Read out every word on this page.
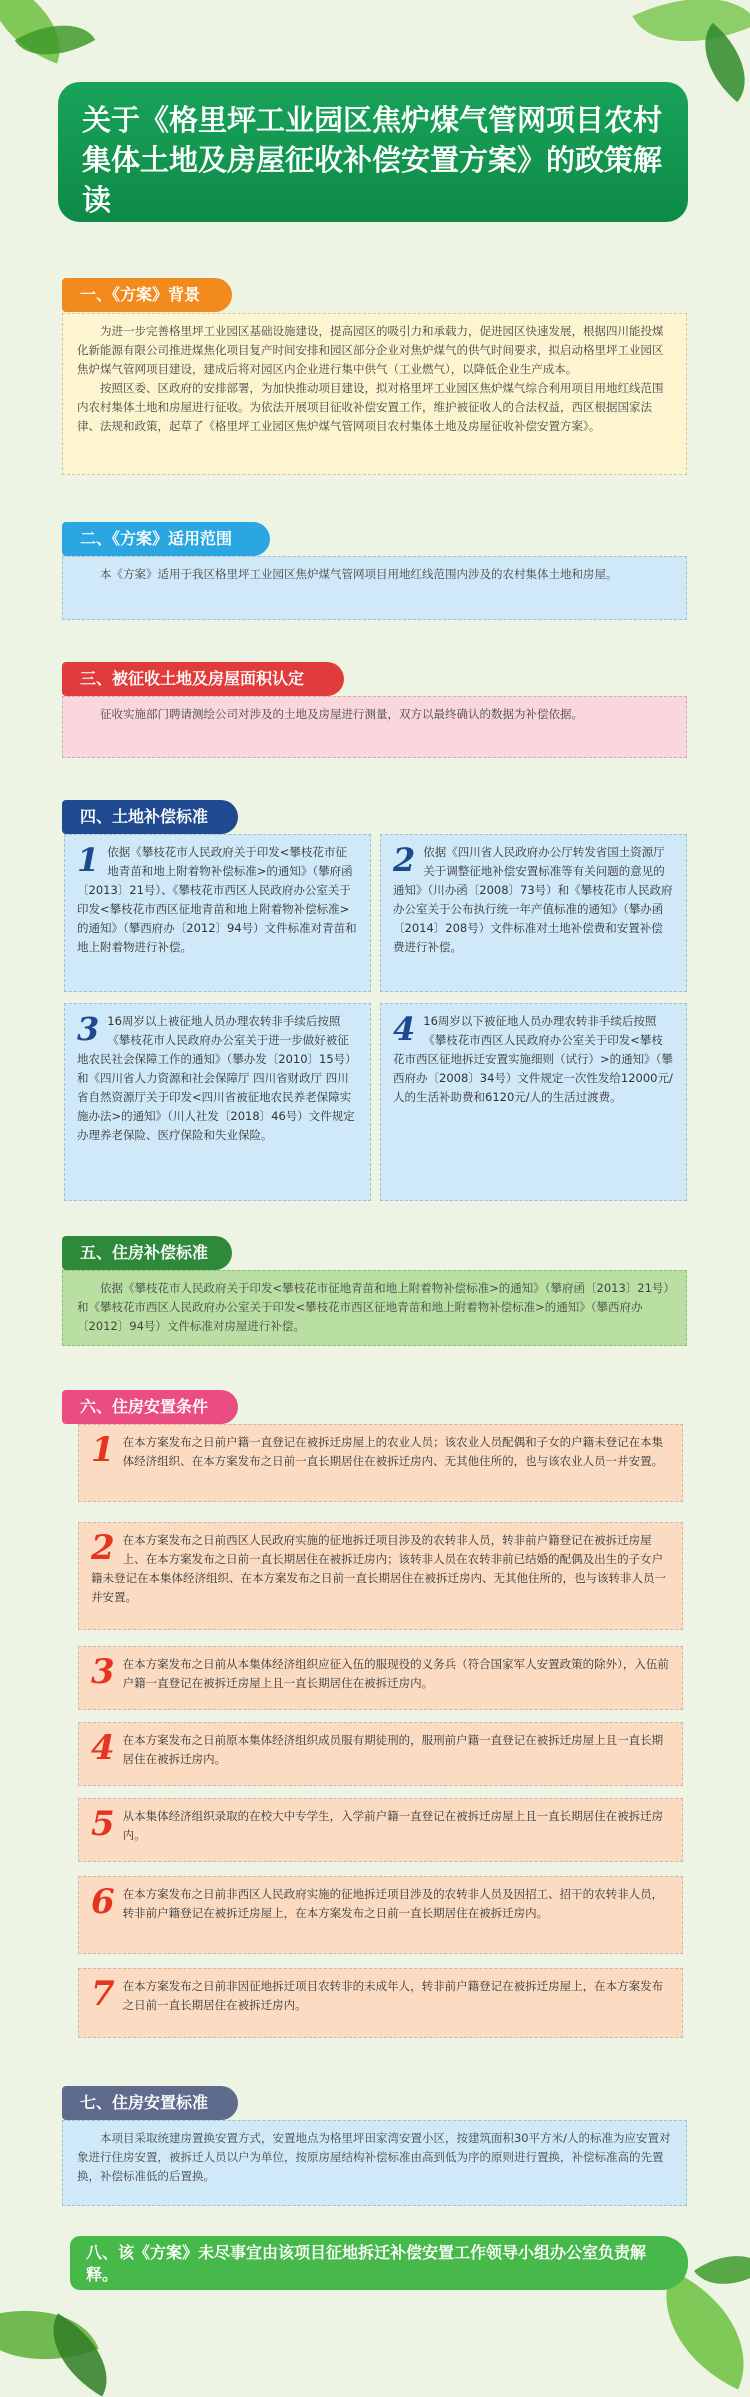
关于《格里坪工业园区焦炉煤气管网项目农村集体土地及房屋征收补偿安置方案》的政策解读
一、《方案》背景

为进一步完善格里坪工业园区基础设施建设，提高园区的吸引力和承载力，促进园区快速发展，根据四川能投煤化新能源有限公司推进煤焦化项目复产时间安排和园区部分企业对焦炉煤气的供气时间要求，拟启动格里坪工业园区焦炉煤气管网项目建设，建成后将对园区内企业进行集中供气（工业燃气），以降低企业生产成本。

按照区委、区政府的安排部署，为加快推动项目建设，拟对格里坪工业园区焦炉煤气综合利用项目用地红线范围内农村集体土地和房屋进行征收。为依法开展项目征收补偿安置工作，维护被征收人的合法权益，西区根据国家法律、法规和政策，起草了《格里坪工业园区焦炉煤气管网项目农村集体土地及房屋征收补偿安置方案》。

二、《方案》适用范围

本《方案》适用于我区格里坪工业园区焦炉煤气管网项目用地红线范围内涉及的农村集体土地和房屋。

三、被征收土地及房屋面积认定

征收实施部门聘请测绘公司对涉及的土地及房屋进行测量，双方以最终确认的数据为补偿依据。

四、土地补偿标准
1 依据《攀枝花市人民政府关于印发<攀枝花市征地青苗和地上附着物补偿标准>的通知》（攀府函〔2013〕21号）、《攀枝花市西区人民政府办公室关于印发<攀枝花市西区征地青苗和地上附着物补偿标准>的通知》（攀西府办〔2012〕94号）文件标准对青苗和地上附着物进行补偿。
2 依据《四川省人民政府办公厅转发省国土资源厅关于调整征地补偿安置标准等有关问题的意见的通知》（川办函〔2008〕73号）和《攀枝花市人民政府办公室关于公布执行统一年产值标准的通知》（攀办函〔2014〕208号）文件标准对土地补偿费和安置补偿费进行补偿。
3 16周岁以上被征地人员办理农转非手续后按照《攀枝花市人民政府办公室关于进一步做好被征地农民社会保障工作的通知》（攀办发〔2010〕15号）和《四川省人力资源和社会保障厅 四川省财政厅 四川省自然资源厅关于印发<四川省被征地农民养老保障实施办法>的通知》（川人社发〔2018〕46号）文件规定办理养老保险、医疗保险和失业保险。
4 16周岁以下被征地人员办理农转非手续后按照《攀枝花市西区人民政府办公室关于印发<攀枝花市西区征地拆迁安置实施细则（试行）>的通知》（攀西府办〔2008〕34号）文件规定一次性发给12000元/人的生活补助费和6120元/人的生活过渡费。
五、住房补偿标准

依据《攀枝花市人民政府关于印发<攀枝花市征地青苗和地上附着物补偿标准>的通知》（攀府函〔2013〕21号）和《攀枝花市西区人民政府办公室关于印发<攀枝花市西区征地青苗和地上附着物补偿标准>的通知》（攀西府办〔2012〕94号）文件标准对房屋进行补偿。

六、住房安置条件
1 在本方案发布之日前户籍一直登记在被拆迁房屋上的农业人员；该农业人员配偶和子女的户籍未登记在本集体经济组织、在本方案发布之日前一直长期居住在被拆迁房内、无其他住所的，也与该农业人员一并安置。
2 在本方案发布之日前西区人民政府实施的征地拆迁项目涉及的农转非人员，转非前户籍登记在被拆迁房屋上、在本方案发布之日前一直长期居住在被拆迁房内；该转非人员在农转非前已结婚的配偶及出生的子女户籍未登记在本集体经济组织、在本方案发布之日前一直长期居住在被拆迁房内、无其他住所的，也与该转非人员一并安置。
3 在本方案发布之日前从本集体经济组织应征入伍的服现役的义务兵（符合国家军人安置政策的除外），入伍前户籍一直登记在被拆迁房屋上且一直长期居住在被拆迁房内。
4 在本方案发布之日前原本集体经济组织成员服有期徒刑的，服刑前户籍一直登记在被拆迁房屋上且一直长期居住在被拆迁房内。
5 从本集体经济组织录取的在校大中专学生，入学前户籍一直登记在被拆迁房屋上且一直长期居住在被拆迁房内。
6 在本方案发布之日前非西区人民政府实施的征地拆迁项目涉及的农转非人员及因招工、招干的农转非人员，转非前户籍登记在被拆迁房屋上，在本方案发布之日前一直长期居住在被拆迁房内。
7 在本方案发布之日前非因征地拆迁项目农转非的未成年人，转非前户籍登记在被拆迁房屋上，在本方案发布之日前一直长期居住在被拆迁房内。
七、住房安置标准

本项目采取统建房置换安置方式，安置地点为格里坪田家湾安置小区，按建筑面积30平方米/人的标准为应安置对象进行住房安置，被拆迁人员以户为单位，按原房屋结构补偿标准由高到低为序的原则进行置换，补偿标准高的先置换，补偿标准低的后置换。

八、该《方案》未尽事宜由该项目征地拆迁补偿安置工作领导小组办公室负责解释。
